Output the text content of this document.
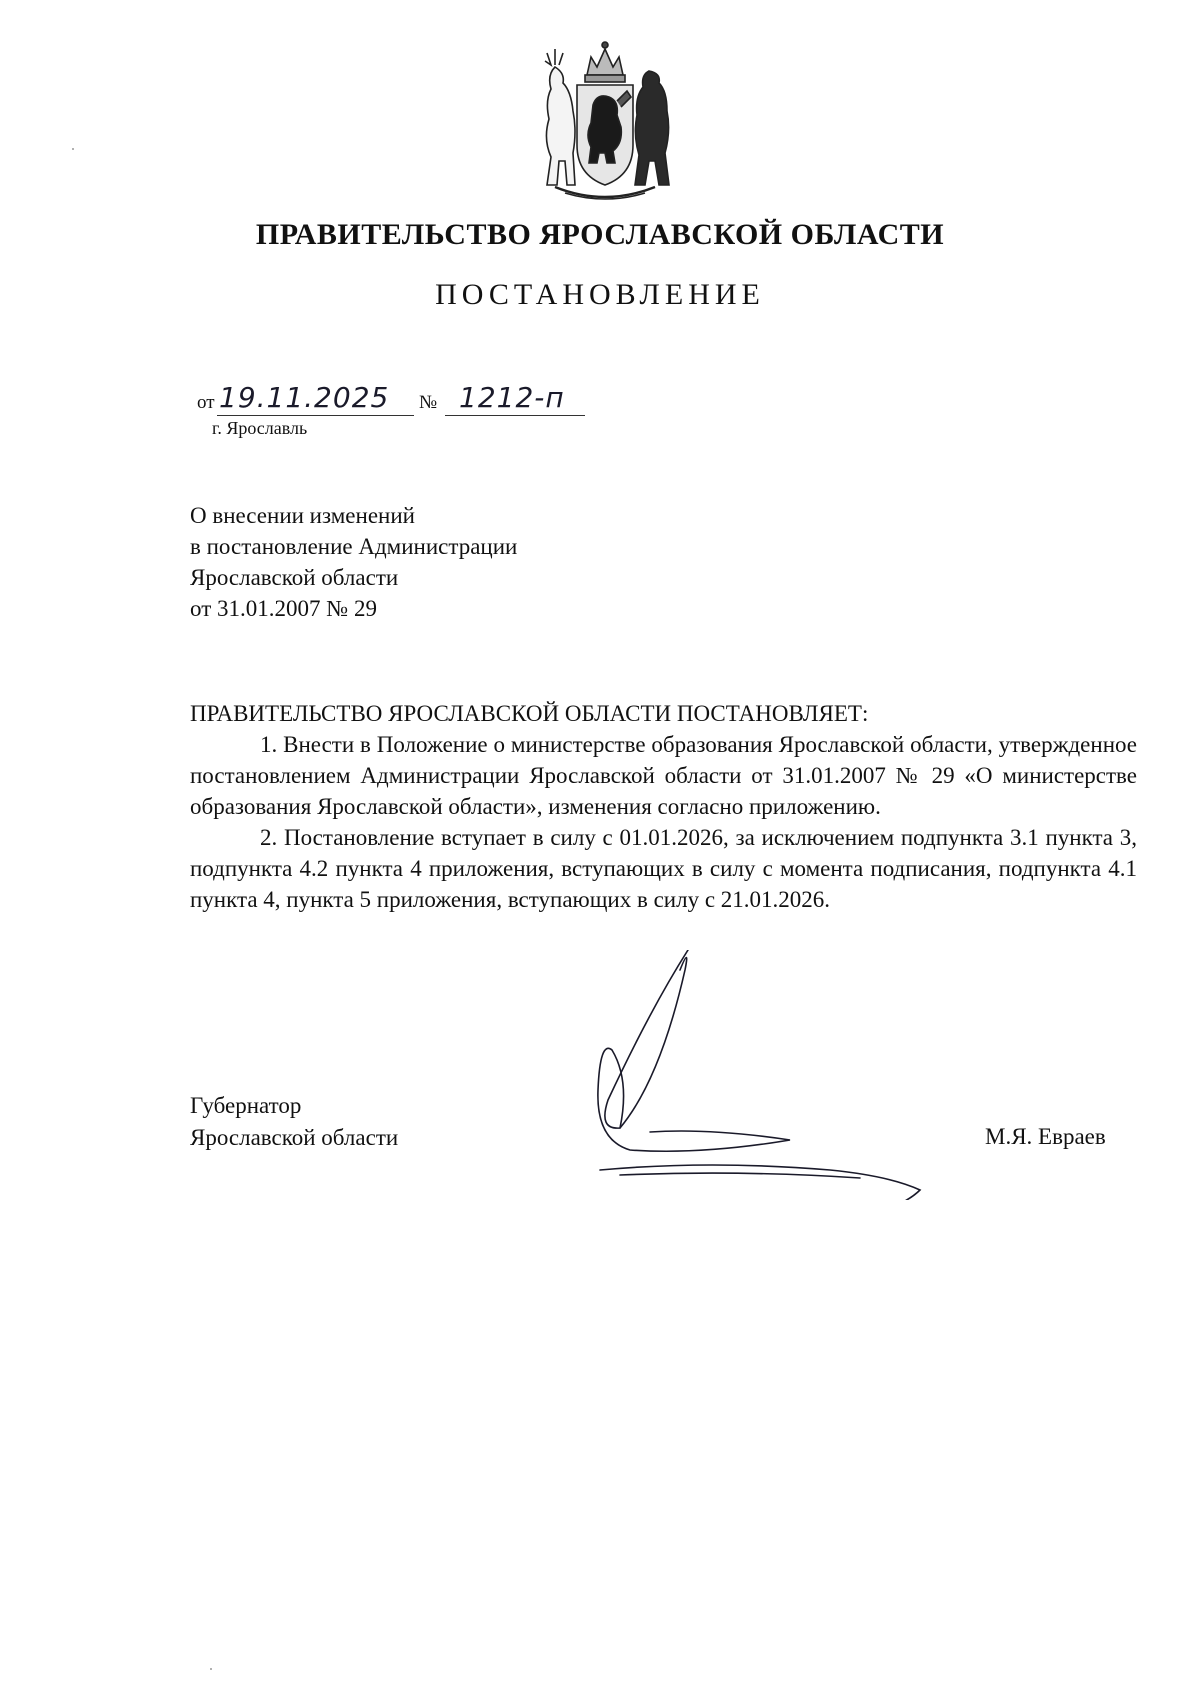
ПРАВИТЕЛЬСТВО ЯРОСЛАВСКОЙ ОБЛАСТИ
ПОСТАНОВЛЕНИЕ
от 19.11.2025 № 1212-п
г. Ярославль
О внесении изменений
в постановление Администрации
Ярославской области
от 31.01.2007 № 29
ПРАВИТЕЛЬСТВО ЯРОСЛАВСКОЙ ОБЛАСТИ ПОСТАНОВЛЯЕТ:

1. Внести в Положение о министерстве образования Ярославской области, утвержденное постановлением Администрации Ярославской области от 31.01.2007 № 29 «О министерстве образования Ярославской области», изменения согласно приложению.

2. Постановление вступает в силу с 01.01.2026, за исключением подпункта 3.1 пункта 3, подпункта 4.2 пункта 4 приложения, вступающих в силу с момента подписания, подпункта 4.1 пункта 4, пункта 5 приложения, вступающих в силу с 21.01.2026.

Губернатор
Ярославской области	М.Я. Евраев
